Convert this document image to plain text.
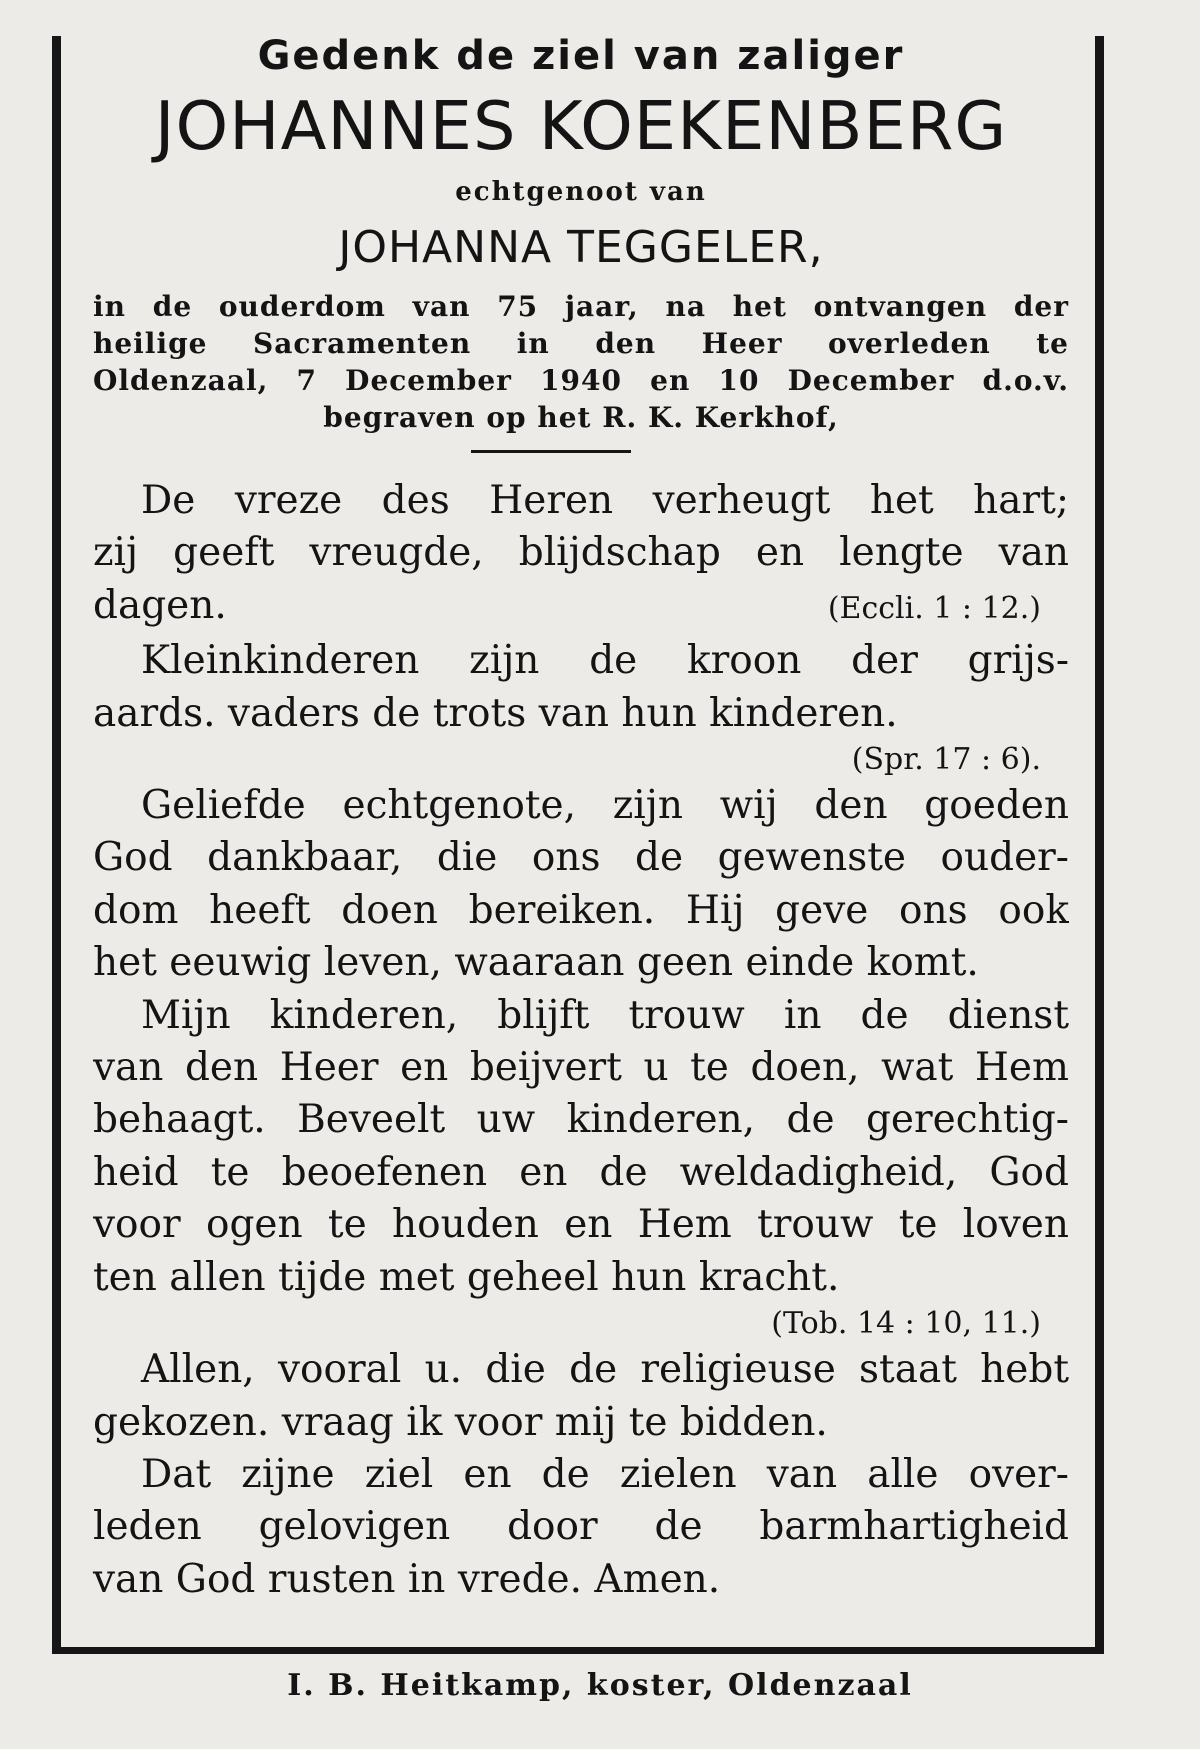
Gedenk de ziel van zaliger
JOHANNES KOEKENBERG
echtgenoot van
JOHANNA TEGGELER,
in de ouderdom van 75 jaar, na het ontvangen der
heilige Sacramenten in den Heer overleden te
Oldenzaal, 7 December 1940 en 10 December d.o.v.
begraven op het R. K. Kerkhof,
De vreze des Heren verheugt het hart;
zij geeft vreugde, blijdschap en lengte van
dagen.	(Eccli. 1 : 12.)
Kleinkinderen zijn de kroon der grijs-
aards. vaders de trots van hun kinderen.
(Spr. 17 : 6).
Geliefde echtgenote, zijn wij den goeden
God dankbaar, die ons de gewenste ouder-
dom heeft doen bereiken. Hij geve ons ook
het eeuwig leven, waaraan geen einde komt.
Mijn kinderen, blijft trouw in de dienst
van den Heer en beijvert u te doen, wat Hem
behaagt. Beveelt uw kinderen, de gerechtig-
heid te beoefenen en de weldadigheid, God
voor ogen te houden en Hem trouw te loven
ten allen tijde met geheel hun kracht.
(Tob. 14 : 10, 11.)
Allen, vooral u. die de religieuse staat hebt
gekozen. vraag ik voor mij te bidden.
Dat zijne ziel en de zielen van alle over-
leden gelovigen door de barmhartigheid
van God rusten in vrede. Amen.
I. B. Heitkamp, koster, Oldenzaal
